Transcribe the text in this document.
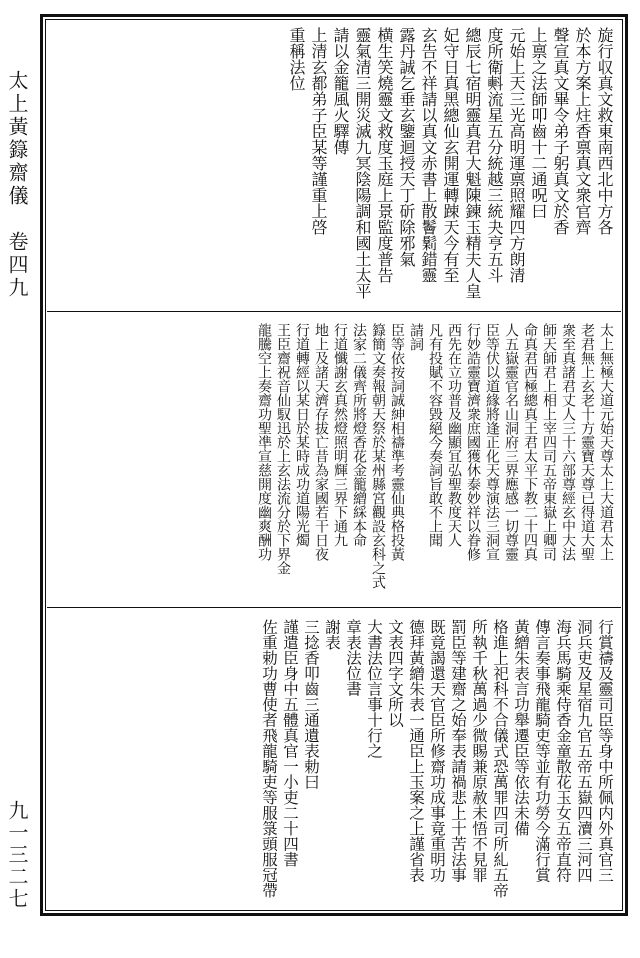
太上黃籙齋儀　卷四九
九一三二七
旋行収真文救東南西北中方各
於本方案上炷香禀真文衆官齊
聲宣真文畢令弟子躬真文於香
上禀之法師叩齒十二通呪曰
元始上天三光高明運禀照耀四方朗清
度所衛㪺流星五分統越三統夬亨五斗
總辰七宿明靈真君大魁陳鍊玉精夫人皇
妃守日真黑總仙玄開運轉踈天今有至
玄告不祥請以真文赤書上散鬠鬁錯靈
露丹誠乞垂玄鑒迴授天丁斫除邪氣
横生笑燒靈文救度玉庭上景監度普告
靈氣清三開災滅九冥陰陽調和國土太平
請以金籠風火驛傳
上清玄都弟子臣某等謹重上啓
重稱法位
太上無極大道元始天尊太上大道君太上
老君無上玄老十方靈寶天尊已得道大聖
衆至真諸君丈人三十六部尊經玄中大法
師天師君上相上宰四司五帝東嶽上卿司
命真君西極總真王君太平下教二十四真
人五嶽靈官名山洞府三界應感一切尊靈
臣等伏以道緣將逢正化天尊演法三洞宣
行妙誥靈寶濟衆庶國獲休泰妙祥以眷修
西先在立功普及幽顯冝弘聖教度天人
凡有投賦不容毀絕今奏詞旨敢不上聞
請詞
臣等依按詞誠紳相禱準考靈仙典格投黃
籙簡文奏報朝天祭於某州縣宮觀設玄科之式
法家二儀齊所將燈香花金籠繒綵本命
行道懺謝玄真然燈照明輝三界下通九
地上及諸天濟存拔亡昔為家國若干日夜
行道轉經以某日於某時成功道陽光燭
王臣齋祝音仙馭迅於上玄法流分於下界金
龍騰空上奏齋功聖凖宣慈開度幽爽酬功
行賞禱及靈司臣等身中所佩内外真官三
洞兵吏及星宿九官五帝五嶽四瀆三河四
海兵馬騎乘侍香金童散花玉女五帝直符
傳言奏事飛龍騎吏等並有功勞今滿行賞
黃繒朱表言功舉遷臣等依法未備
格進上祀科不合儀式恐萬罪四司所糺五帝
所執千秋萬過少微賜兼原赦未悟不見罪
罰臣等建齋之始奉表請禍悲上十苦法事
既竟謁還天官臣所修齋功成事竟重明功
德拜黃繒朱表一通臣上玉案之上謹省表
文表四字文所以
大書法位言事十行之
章表法位書
謝表
三捻香叩齒三通遺表勅曰
謹遣臣身中五體真官一小吏二十四書
佐重勅功曹使者飛龍騎吏等服箓頭服冠帶
